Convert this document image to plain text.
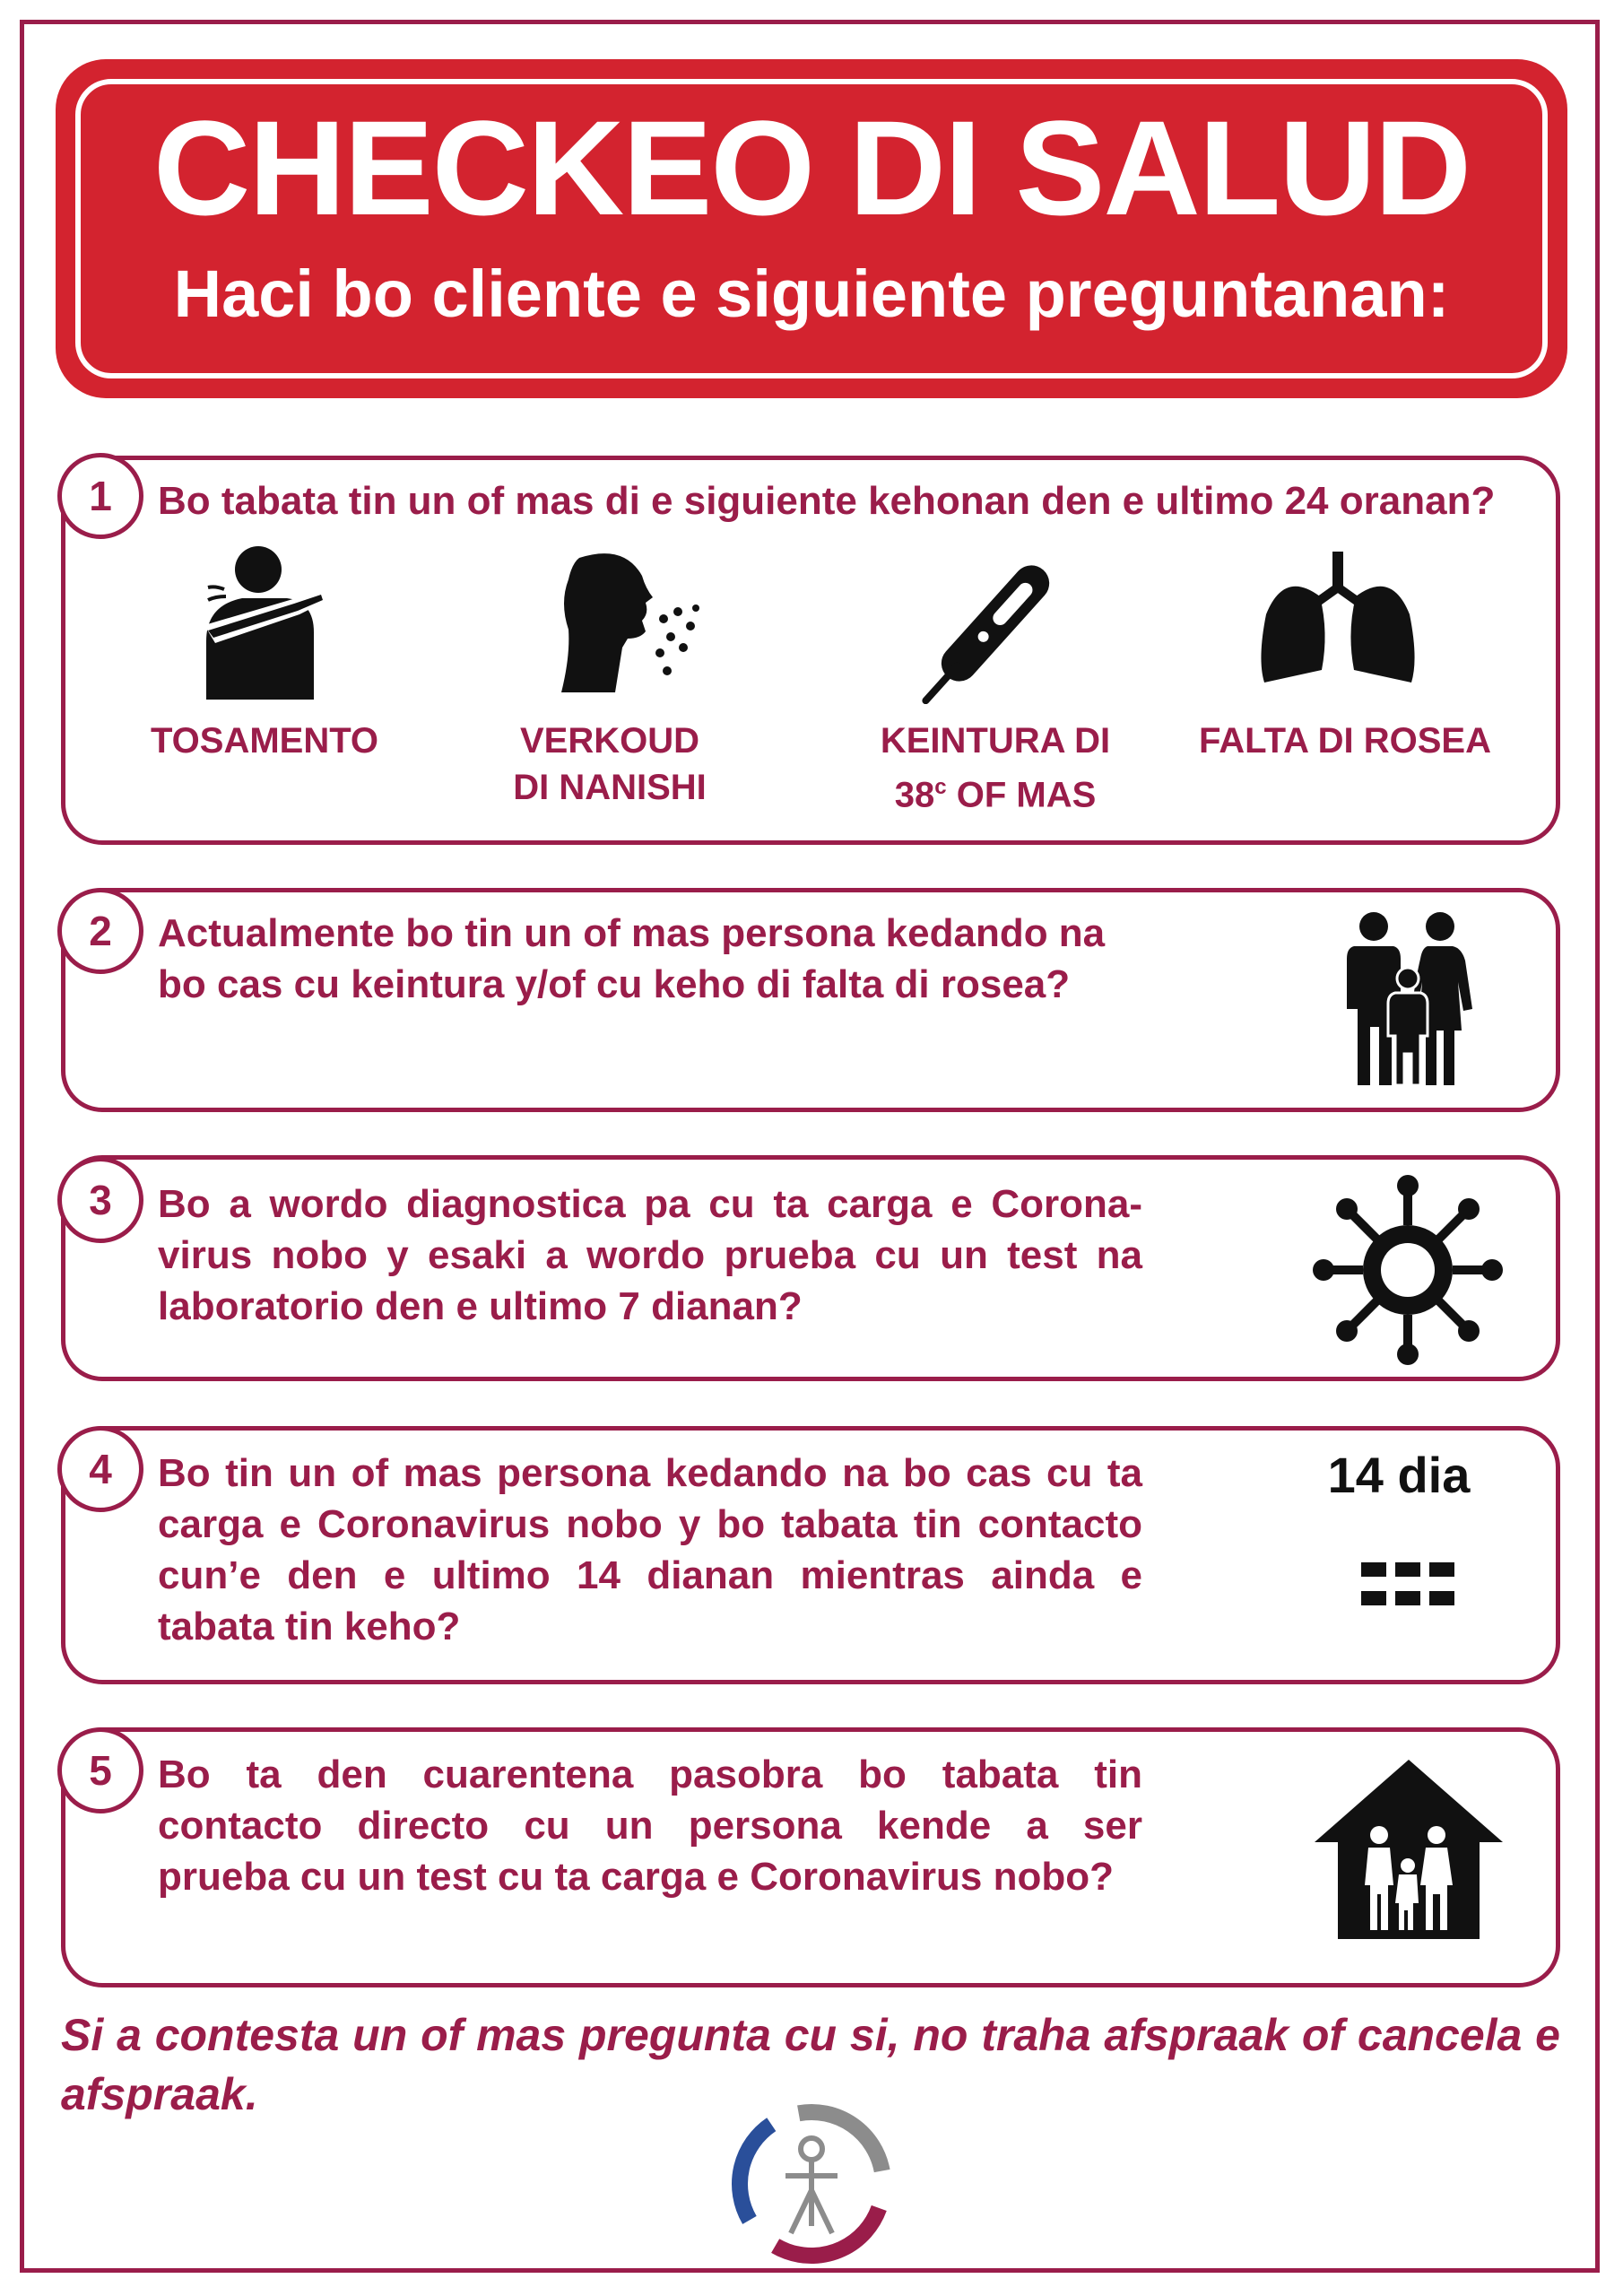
CHECKEO DI SALUD
Haci bo cliente e siguiente preguntanan:
1	Bo tabata tin un of mas di e siguiente kehonan den e ultimo 24 oranan?
TOSAMENTO	VERKOUD
DI NANISHI
KEINTURA DI
38$^c$ OF MAS
FALTA DI ROSEA
2	Actualmente bo tin un of mas persona kedando na
bo cas cu keintura y/of cu keho di falta di rosea?
3	Bo a wordo diagnostica pa cu ta carga e Corona-
virus nobo y esaki a wordo prueba cu un test na
laboratorio den e ultimo 7 dianan?
4	Bo tin un of mas persona kedando na bo cas cu ta
carga e Coronavirus nobo y bo tabata tin contacto
cun’e den e ultimo 14 dianan mientras ainda e
tabata tin keho?
14 dia
5	Bo ta den cuarentena pasobra bo tabata tin
contacto directo cu un persona kende a ser
prueba cu un test cu ta carga e Coronavirus nobo?
Si a contesta un of mas pregunta cu si, no traha afspraak of cancela e afspraak.
